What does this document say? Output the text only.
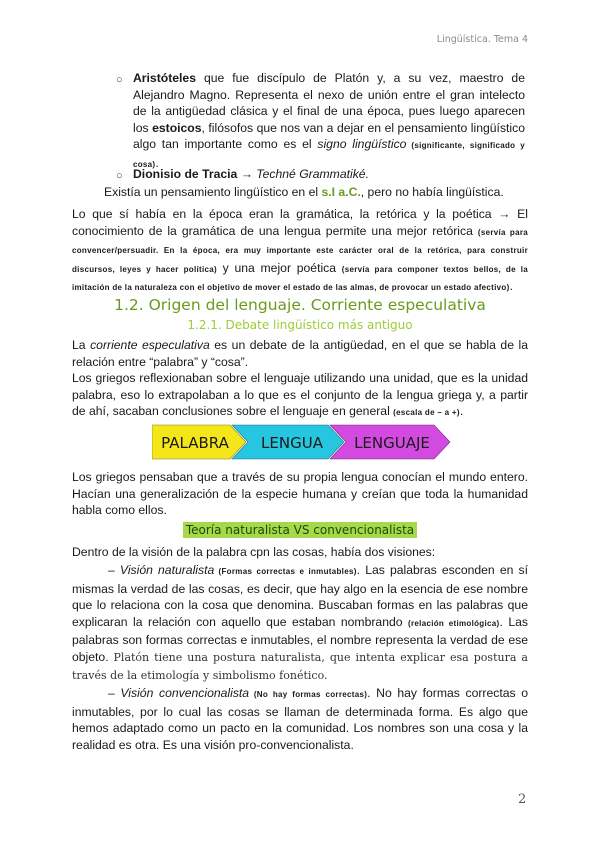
Lingüística. Tema 4
○ Aristóteles que fue discípulo de Platón y, a su vez, maestro de Alejandro Magno. Representa el nexo de unión entre el gran intelecto de la antigüedad clásica y el final de una época, pues luego aparecen los estoicos, filósofos que nos van a dejar en el pensamiento lingüístico algo tan importante como es el signo lingüístico (significante, significado y cosa).
○ Dionisio de Tracia → Techné Grammatiké.
Existía un pensamiento lingüístico en el s.I a.C., pero no había lingüística.
Lo que sí había en la época eran la gramática, la retórica y la poética → El conocimiento de la gramática de una lengua permite una mejor retórica (servía para convencer/persuadir. En la época, era muy importante este carácter oral de la retórica, para construir discursos, leyes y hacer política) y una mejor poética (servía para componer textos bellos, de la imitación de la naturaleza con el objetivo de mover el estado de las almas, de provocar un estado afectivo).
1.2. Origen del lenguaje. Corriente especulativa
1.2.1. Debate lingüístico más antiguo
La corriente especulativa es un debate de la antigüedad, en el que se habla de la relación entre “palabra” y “cosa”.
Los griegos reflexionaban sobre el lenguaje utilizando una unidad, que es la unidad palabra, eso lo extrapolaban a lo que es el conjunto de la lengua griega y, a partir de ahí, sacaban conclusiones sobre el lenguaje en general (escala de – a +).
PALABRA LENGUA LENGUAJE
Los griegos pensaban que a través de su propia lengua conocían el mundo entero. Hacían una generalización de la especie humana y creían que toda la humanidad habla como ellos.
Teoría naturalista VS convencionalista
Dentro de la visión de la palabra cpn las cosas, había dos visiones:
– Visión naturalista (Formas correctas e inmutables). Las palabras esconden en sí mismas la verdad de las cosas, es decir, que hay algo en la esencia de ese nombre que lo relaciona con la cosa que denomina. Buscaban formas en las palabras que explicaran la relación con aquello que estaban nombrando (relación etimológica). Las palabras son formas correctas e inmutables, el nombre representa la verdad de ese objeto. Platón tiene una postura naturalista, que intenta explicar esa postura a través de la etimología y simbolismo fonético.
– Visión convencionalista (No hay formas correctas). No hay formas correctas o inmutables, por lo cual las cosas se llaman de determinada forma. Es algo que hemos adaptado como un pacto en la comunidad. Los nombres son una cosa y la realidad es otra. Es una visión pro-convencionalista.
2
